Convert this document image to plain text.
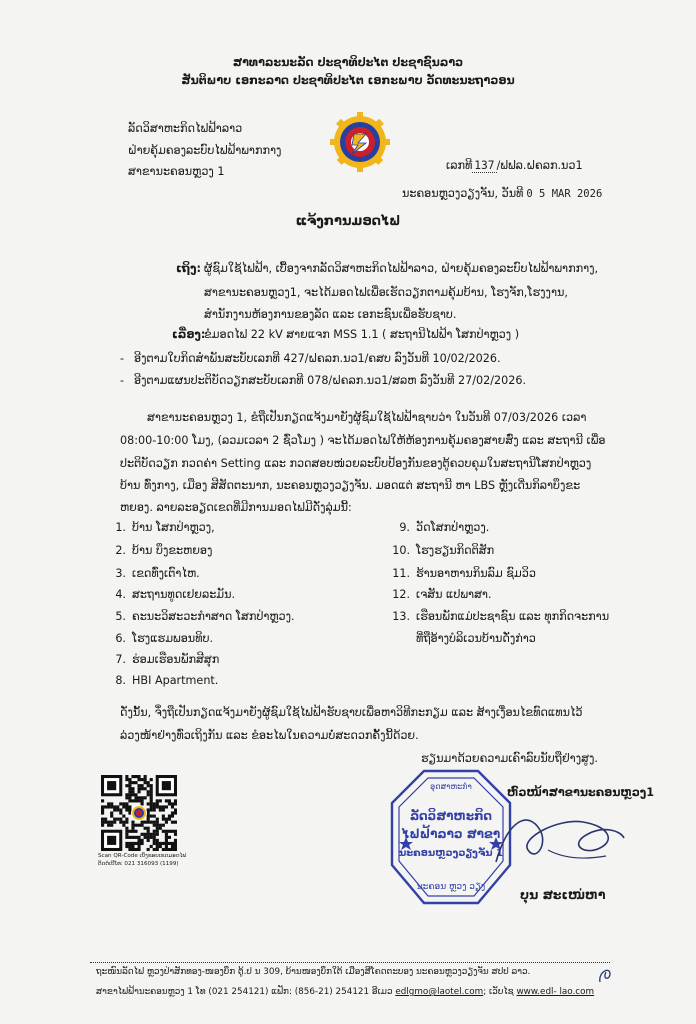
ສາທາລະນະລັດ ປະຊາທິປະໄຕ ປະຊາຊົນລາວ
ສັນຕິພາບ ເອກະລາດ ປະຊາທິປະໄຕ ເອກະພາບ ວັດທະນະຖາວອນ
ລັດວິສາຫະກິດໄຟຟ້າລາວ
ຝ່າຍຄຸ້ມຄອງລະບົບໄຟຟ້າພາກກາງ
ສາຂານະຄອນຫຼວງ 1	ເລກທີ 137 /ຟຟລ.ຝຄລກ.ນວ1
ນະຄອນຫຼວງວຽງຈັນ, ວັນທີ 0 5 MAR 2026
ແຈ້ງການມອດໄຟ
ເຖິງ: ຜູ້ຊົມໃຊ້ໄຟຟ້າ, ເບື້ອງຈາກລັດວິສາຫະກິດໄຟຟ້າລາວ, ຝ່າຍຄຸ້ມຄອງລະບົບໄຟຟ້າພາກກາງ,
ສາຂານະຄອນຫຼວງ1, ຈະໄດ້ມອດໄຟເພື່ອເຮັດວຽກຕາມຄຸ້ມບ້ານ, ໂຮງຈັກ,ໂຮງງານ,
ສຳນັກງານຫ້ອງການຂອງລັດ ແລະ ເອກະຊົນເພື່ອຮັບຊາບ.
ເລື່ອງ:
ຂໍມອດໄຟ 22 kV ສາຍແຈກ MSS 1.1 ( ສະຖານີໄຟຟ້າ ໂສກປ່າຫຼວງ )
- ອີງຕາມໃບກິດສໍາພັນສະບັບເລກທີ 427/ຝຄລກ.ນວ1/ຄສບ ລົງວັນທີ 10/02/2026.
- ອີງຕາມແຜນປະຕິບັດວຽກສະບັບເລກທີ 078/ຝຄລກ.ນວ1/ສລຫ ລົງວັນທີ 27/02/2026.
ສາຂານະຄອນຫຼວງ 1, ຂໍຖືເປັນກຽດແຈ້ງມາຍັງຜູ້ຊົມໃຊ້ໄຟຟ້າຊາບວ່າ ໃນວັນທີ 07/03/2026 ເວລາ
08:00-10:00 ໂມງ, (ລວມເວລາ 2 ຊົ່ວໂມງ ) ຈະໄດ້ມອດໄຟໃຫ້ຫ້ອງການຄຸ້ມຄອງສາຍສົ່ງ ແລະ ສະຖານີ ເພື່ອ
ປະຕິບັດວຽກ ກວດຄ່າ Setting ແລະ ກວດສອບໜ່ວຍລະບົບປ້ອງກັນຂອງຕູ້ຄວບຄຸມໃນສະຖານີໂສກປ່າຫຼວງ
ບ້ານ ທົ່ງກາງ, ເມືອງ ສີສັດຕະນາກ, ນະຄອນຫຼວງວຽງຈັນ. ມອດແຕ່ ສະຖານີ ຫາ LBS ຫຼັງເດີ່ນກິລາບຶງຂະ
ຫຍອງ. ລາຍລະອຽດເຂດທີ່ມີການມອດໄຟມີດັ່ງລຸ່ມນີ້:
1. ບ້ານ ໂສກປ່າຫຼວງ,
2. ບ້ານ ບຶງຂະຫຍອງ
3. ເຂດທົ່ງເຕົາໄຫ.
4. ສະຖານທູດເຢຍລະມັນ.
5. ຄະນະວິສະວະກຳສາດ ໂສກປ່າຫຼວງ.
6. ໂຮງແຮມພອນທິບ.
7. ຮ່ອມເຮືອນພັກສີສຸກ
8. HBI Apartment.
9. ວັດໂສກປ່າຫຼວງ.
10. ໂຮງຮຽນກິດຕິສັກ
11. ຮ້ານອາຫານກິນລົມ ຊົມວິວ
12. ເຈສັນ ແປພາສາ.
13. ເຮືອນພັກແມ່ປະຊາຊົນ ແລະ ທຸກກິດຈະການ
ທີ່ຖືອ້າງບໍລິເວນບ້ານດັ່ງກ່າວ
ດັ່ງນັ້ນ, ຈຶ່ງຖືເປັນກຽດແຈ້ງມາຍັງຜູ້ຊົມໃຊ້ໄຟຟ້າຮັບຊາບເພື່ອຫາວິທີກະກຽມ ແລະ ສ້າງເງື່ອນໄຂທົດແທນໄວ້
ລ່ວງໜ້າຢ່າງທົ່ວເຖິງກັນ ແລະ ຂໍອະໄພໃນຄວາມບໍ່ສະດວກຄັ້ງນີ້ດ້ວຍ.
ຮຽນມາດ້ວຍຄວາມເຄົາລົບນັບຖືຢ່າງສູງ.
Scan QR-Code ເບິ່ງຂອບເຂດມອດໄຟ
ຕິດຕໍ່ເບີໂທ: 021 316093 (1199)
ອຸດສາຫະກຳ
ລັດວິສາຫະກິດ
ໄຟຟ້າລາວ ສາຂາ
ນະຄອນຫຼວງວຽງຈັນ 1
ນະຄອນ ຫຼວງ ວຽງ
ຫົວໜ້າສາຂານະຄອນຫຼວງ1
ບຸນ ສະເໜ່ຫາ
ຖະໜົນລັດໄຟ ຫຼວງປ່າສັກທອງ-ໜອງບຶກ ຕູ້.ປ ນ 309, ບ້ານໜອງບຶກໃຕ້ ເມືອງສີໂຄດຕະບອງ ນະຄອນຫຼວງວຽງຈັນ ສປປ ລາວ.
ສາຂາໄຟຟ້ານະຄອນຫຼວງ 1 ໂທ (021 254121) ແຟັກ: (856-21) 254121 ອີເມວ edlgmo@laotel.com; ເວັບໄຊ www.edl- lao.com
